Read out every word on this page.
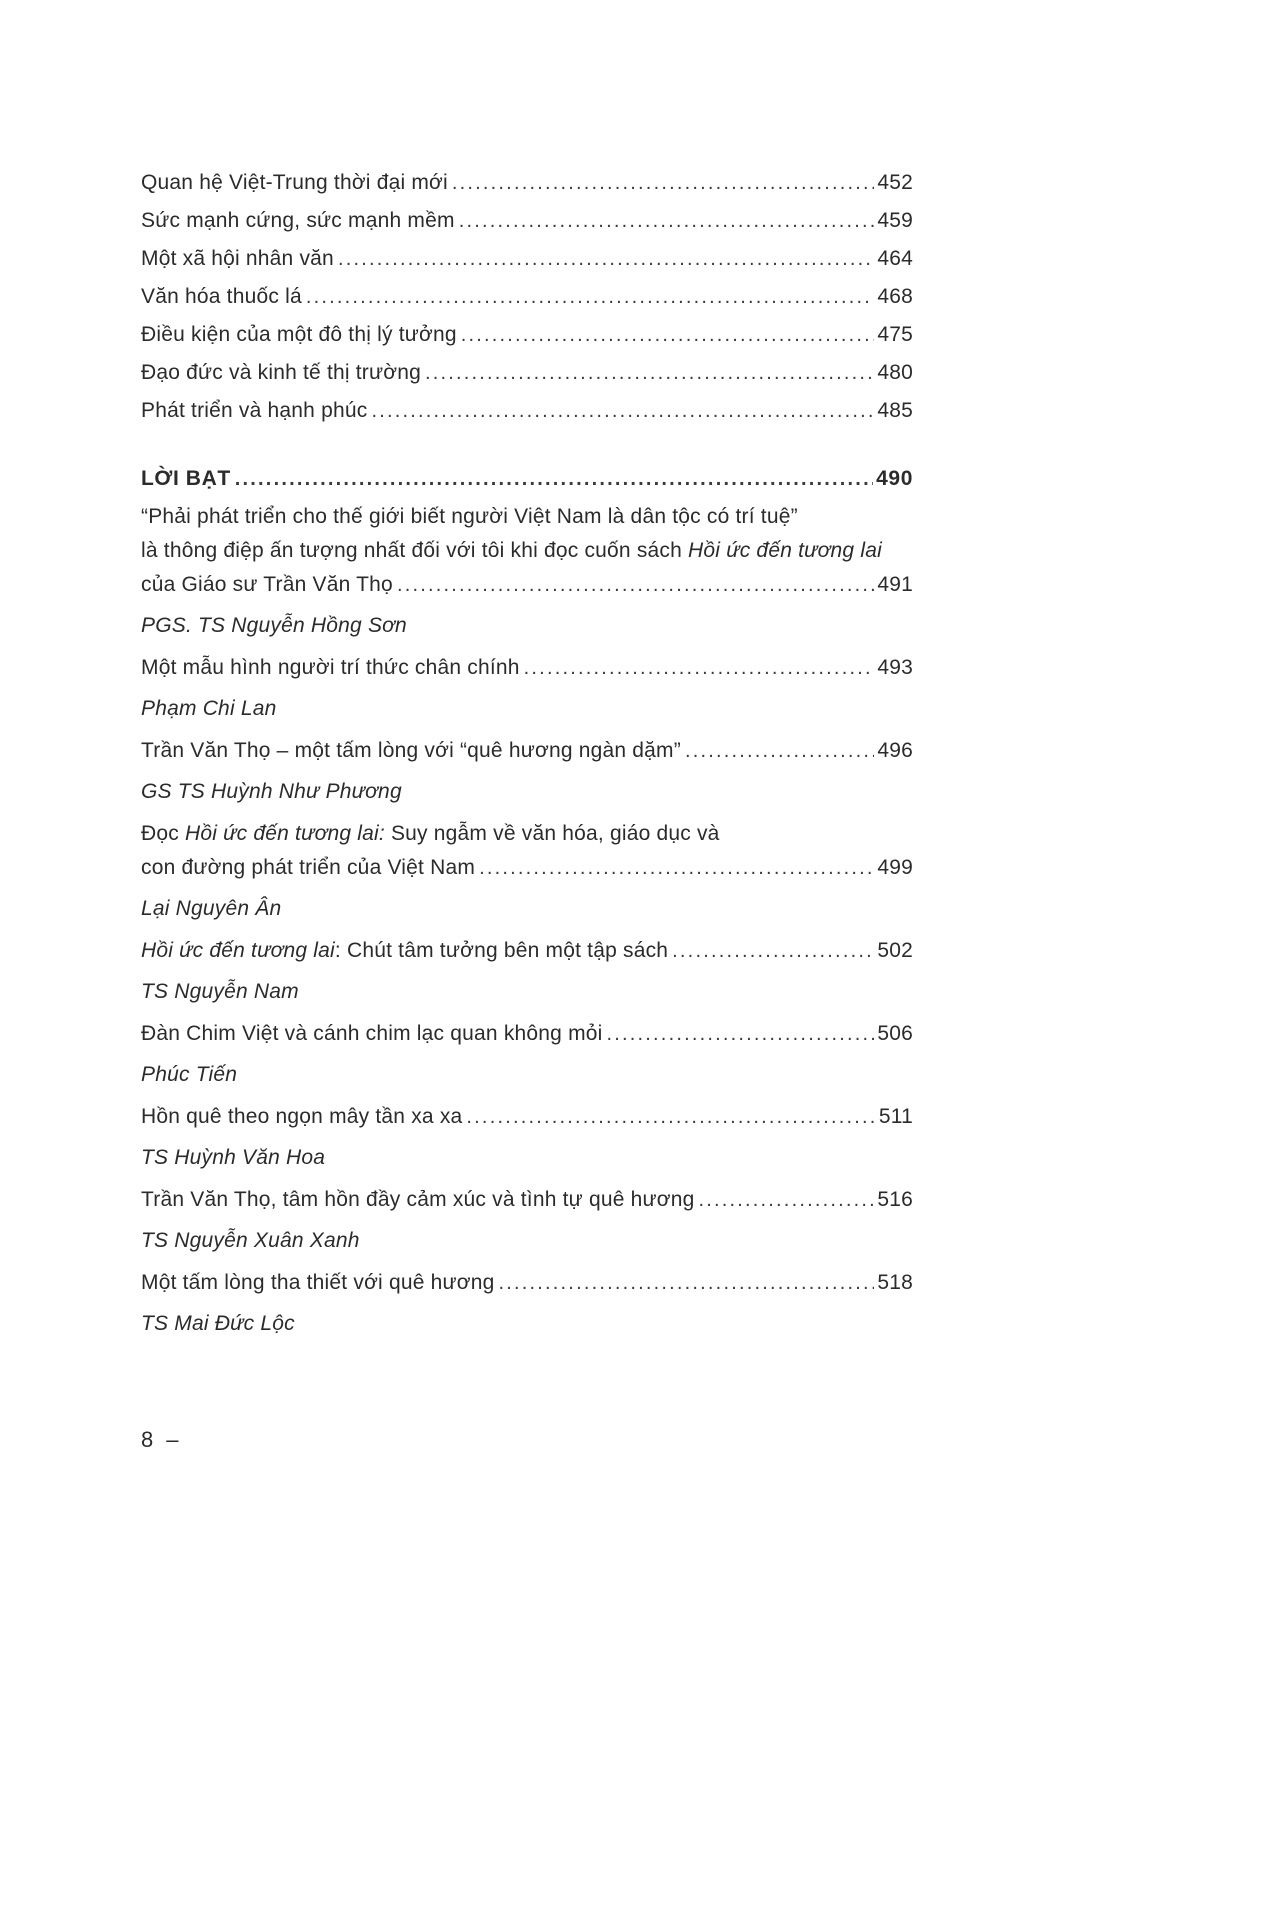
Quan hệ Việt-Trung thời đại mới .....	452
Sức mạnh cứng, sức mạnh mềm .....	459
Một xã hội nhân văn .....	464
Văn hóa thuốc lá .....	468
Điều kiện của một đô thị lý tưởng .....	475
Đạo đức và kinh tế thị trường .....	480
Phát triển và hạnh phúc .....	485
LỜI BẠT .....	490
“Phải phát triển cho thế giới biết người Việt Nam là dân tộc có trí tuệ”
là thông điệp ấn tượng nhất đối với tôi khi đọc cuốn sách Hồi ức đến tương lai
của Giáo sư Trần Văn Thọ .....	491
PGS. TS Nguyễn Hồng Sơn
Một mẫu hình người trí thức chân chính .....	493
Phạm Chi Lan
Trần Văn Thọ – một tấm lòng với “quê hương ngàn dặm” .....	496
GS TS Huỳnh Như Phương
Đọc Hồi ức đến tương lai: Suy ngẫm về văn hóa, giáo dục và
con đường phát triển của Việt Nam .....	499
Lại Nguyên Ân
Hồi ức đến tương lai: Chút tâm tưởng bên một tập sách .....	502
TS Nguyễn Nam
Đàn Chim Việt và cánh chim lạc quan không mỏi .....	506
Phúc Tiến
Hồn quê theo ngọn mây tần xa xa .....	511
TS Huỳnh Văn Hoa
Trần Văn Thọ, tâm hồn đầy cảm xúc và tình tự quê hương .....	516
TS Nguyễn Xuân Xanh
Một tấm lòng tha thiết với quê hương .....	518
TS Mai Đức Lộc
8 –
